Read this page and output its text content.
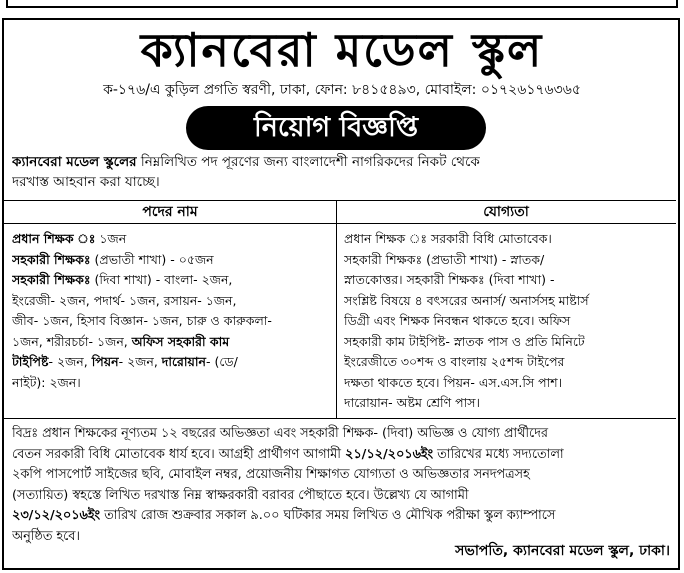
ক্যানবেরা মডেল স্কুল
ক-১৭৬/এ কুড়িল প্রগতি স্বরণী, ঢাকা, ফোন: ৮৪১৫৪৯৩, মোবাইল: ০১৭২৬১৭৬৩৬৫
নিয়োগ বিজ্ঞপ্তি
ক্যানবেরা মডেল স্কুলের নিম্নলিখিত পদ পূরণের জন্য বাংলাদেশী নাগরিকদের নিকট থেকে
দরখাস্ত আহবান করা যাচ্ছে।
পদের নাম	যোগ্যতা
প্রধান শিক্ষক ঃ ১জন
সহকারী শিক্ষকঃ (প্রভাতী শাখা) - ০৫জন
সহকারী শিক্ষকঃ (দিবা শাখা) - বাংলা- ২জন,
ইংরেজী- ২জন, পদার্থ- ১জন, রসায়ন- ১জন,
জীব- ১জন, হিসাব বিজ্ঞান- ১জন, চারু ও কারুকলা-
১জন, শরীরচর্চা- ১জন, অফিস সহকারী কাম
টাইপিষ্ট- ২জন, পিয়ন- ২জন, দারোয়ান- (ডে/
নাইট): ২জন।
প্রধান শিক্ষক ঃ সরকারী বিধি মোতাবেক।
সহকারী শিক্ষকঃ (প্রভাতী শাখা) - স্নাতক/
স্নাতকোত্তর। সহকারী শিক্ষকঃ (দিবা শাখা) -
সংশ্লিষ্ট বিষয়ে ৪ বৎসরের অনার্স/ অনার্সসহ মাষ্টার্স
ডিগ্রী এবং শিক্ষক নিবন্ধন থাকতে হবে। অফিস
সহকারী কাম টাইপিষ্ট- স্নাতক পাস ও প্রতি মিনিটে
ইংরেজীতে ৩০শব্দ ও বাংলায় ২৫শব্দ টাইপের
দক্ষতা থাকতে হবে। পিয়ন- এস.এস.সি পাশ।
দারোয়ান- অষ্টম শ্রেণি পাস।
বিদ্রঃ প্রধান শিক্ষকের নূণ্যতম ১২ বছরের অভিজ্ঞতা এবং সহকারী শিক্ষক- (দিবা) অভিজ্ঞ ও যোগ্য প্রার্থীদের
বেতন সরকারী বিধি মোতাবেক ধার্য হবে। আগ্রহী প্রার্থীগণ আগামী ২১/১২/২০১৬ইং তারিখের মধ্যে সদ্যতোলা
২কপি পাসপোর্ট সাইজের ছবি, মোবাইল নম্বর, প্রয়োজনীয় শিক্ষাগত যোগ্যতা ও অভিজ্ঞতার সনদপত্রসহ
(সত্যায়িত) স্বহস্তে লিখিত দরখাস্ত নিম্ন স্বাক্ষরকারী বরাবর পৌছাতে হবে। উল্লেখ্য যে আগামী
২৩/১২/২০১৬ইং তারিখ রোজ শুক্রবার সকাল ৯.০০ ঘটিকার সময় লিখিত ও মৌখিক পরীক্ষা স্কুল ক্যাম্পাসে
অনুষ্ঠিত হবে।
সভাপতি, ক্যানবেরা মডেল স্কুল, ঢাকা।
